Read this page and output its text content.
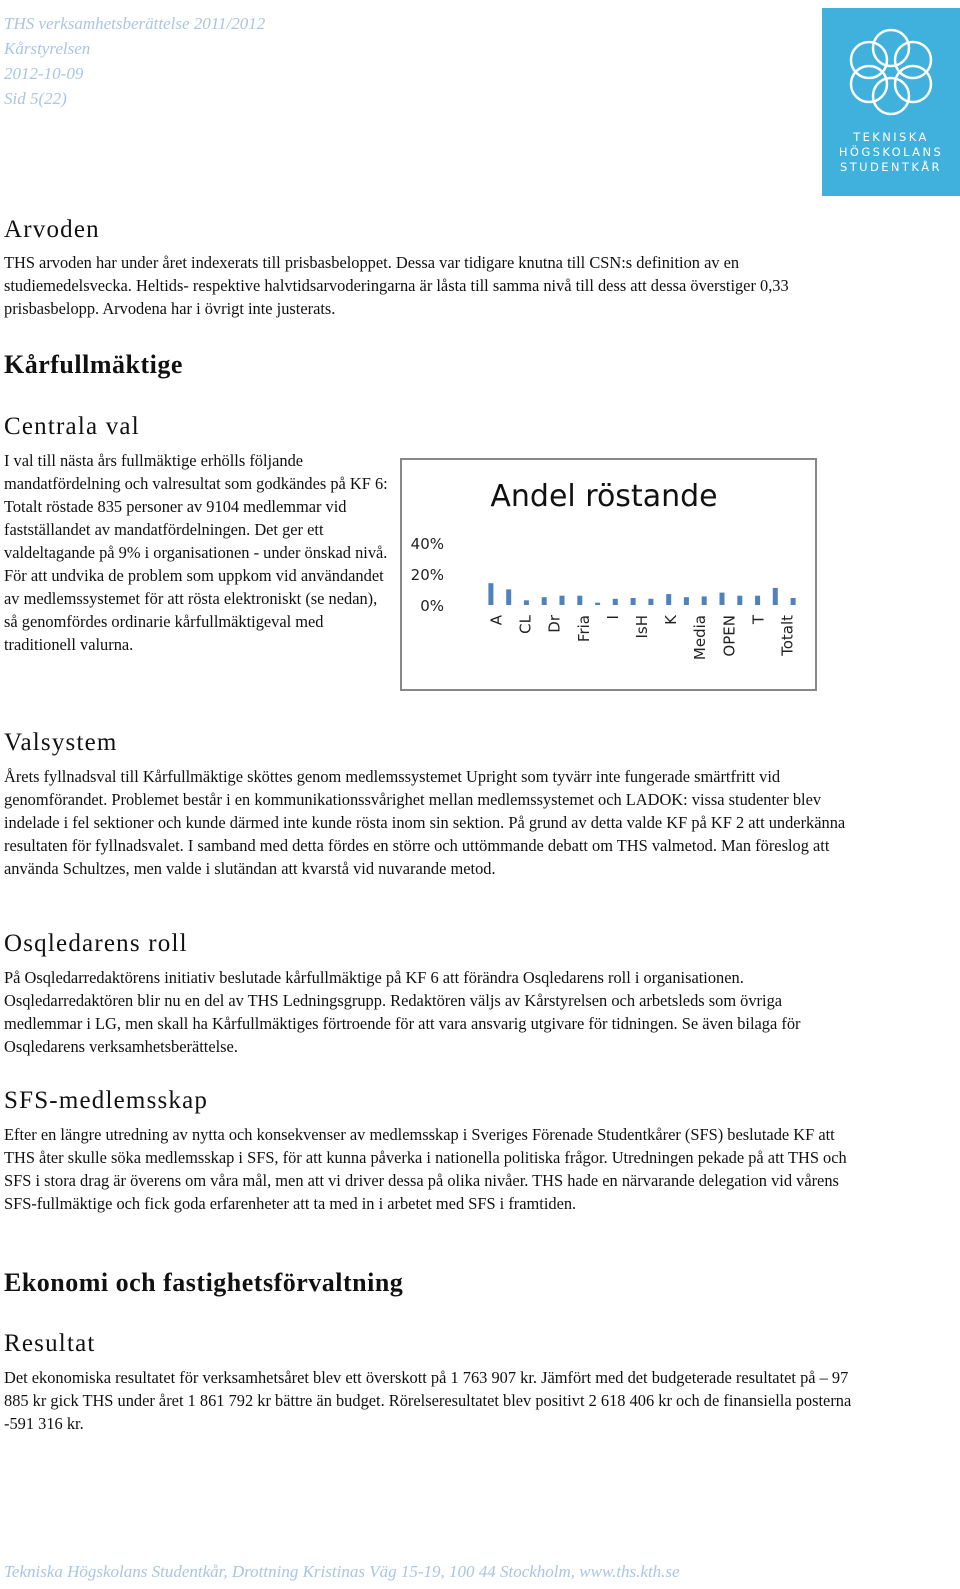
THS verksamhetsberättelse 2011/2012
Kårstyrelsen
2012-10-09
Sid 5(22)
TEKNISKA
HÖGSKOLANS
STUDENTKÅR
Arvoden

THS arvoden har under året indexerats till prisbasbeloppet. Dessa var tidigare knutna till CSN:s definition av en studiemedelsvecka. Heltids- respektive halvtidsarvoderingarna är låsta till samma nivå till dess att dessa överstiger 0,33 prisbasbelopp. Arvodena har i övrigt inte justerats.

Kårfullmäktige
Centrala val

I val till nästa års fullmäktige erhölls följande mandatfördelning och valresultat som godkändes på KF 6: Totalt röstade 835 personer av 9104 medlemmar vid fastställandet av mandatfördelningen. Det ger ett valdeltagande på 9% i organisationen - under önskad nivå. För att undvika de problem som uppkom vid användandet av medlemssystemet för att rösta elektroniskt (se nedan), så genomfördes ordinarie kårfullmäktigeval med traditionell valurna.

Andel röstande
0%
20%
40%
A CL Dr Fria I IsH K Media OPEN T Totalt
Valsystem

Årets fyllnadsval till Kårfullmäktige sköttes genom medlemssystemet Upright som tyvärr inte fungerade smärtfritt vid genomförandet. Problemet består i en kommunikationssvårighet mellan medlemssystemet och LADOK: vissa studenter blev indelade i fel sektioner och kunde därmed inte kunde rösta inom sin sektion. På grund av detta valde KF på KF 2 att underkänna resultaten för fyllnadsvalet. I samband med detta fördes en större och uttömmande debatt om THS valmetod. Man föreslog att använda Schultzes, men valde i slutändan att kvarstå vid nuvarande metod.

Osqledarens roll

På Osqledarredaktörens initiativ beslutade kårfullmäktige på KF 6 att förändra Osqledarens roll i organisationen. Osqledarredaktören blir nu en del av THS Ledningsgrupp. Redaktören väljs av Kårstyrelsen och arbetsleds som övriga medlemmar i LG, men skall ha Kårfullmäktiges förtroende för att vara ansvarig utgivare för tidningen. Se även bilaga för Osqledarens verksamhetsberättelse.

SFS-medlemsskap

Efter en längre utredning av nytta och konsekvenser av medlemsskap i Sveriges Förenade Studentkårer (SFS) beslutade KF att THS åter skulle söka medlemsskap i SFS, för att kunna påverka i nationella politiska frågor. Utredningen pekade på att THS och SFS i stora drag är överens om våra mål, men att vi driver dessa på olika nivåer. THS hade en närvarande delegation vid vårens SFS-fullmäktige och fick goda erfarenheter att ta med in i arbetet med SFS i framtiden.

Ekonomi och fastighetsförvaltning
Resultat

Det ekonomiska resultatet för verksamhetsåret blev ett överskott på 1 763 907 kr. Jämfört med det budgeterade resultatet på – 97 885 kr gick THS under året 1 861 792 kr bättre än budget. Rörelseresultatet blev positivt 2 618 406 kr och de finansiella posterna -591 316 kr.

Tekniska Högskolans Studentkår, Drottning Kristinas Väg 15-19, 100 44 Stockholm, www.ths.kth.se
